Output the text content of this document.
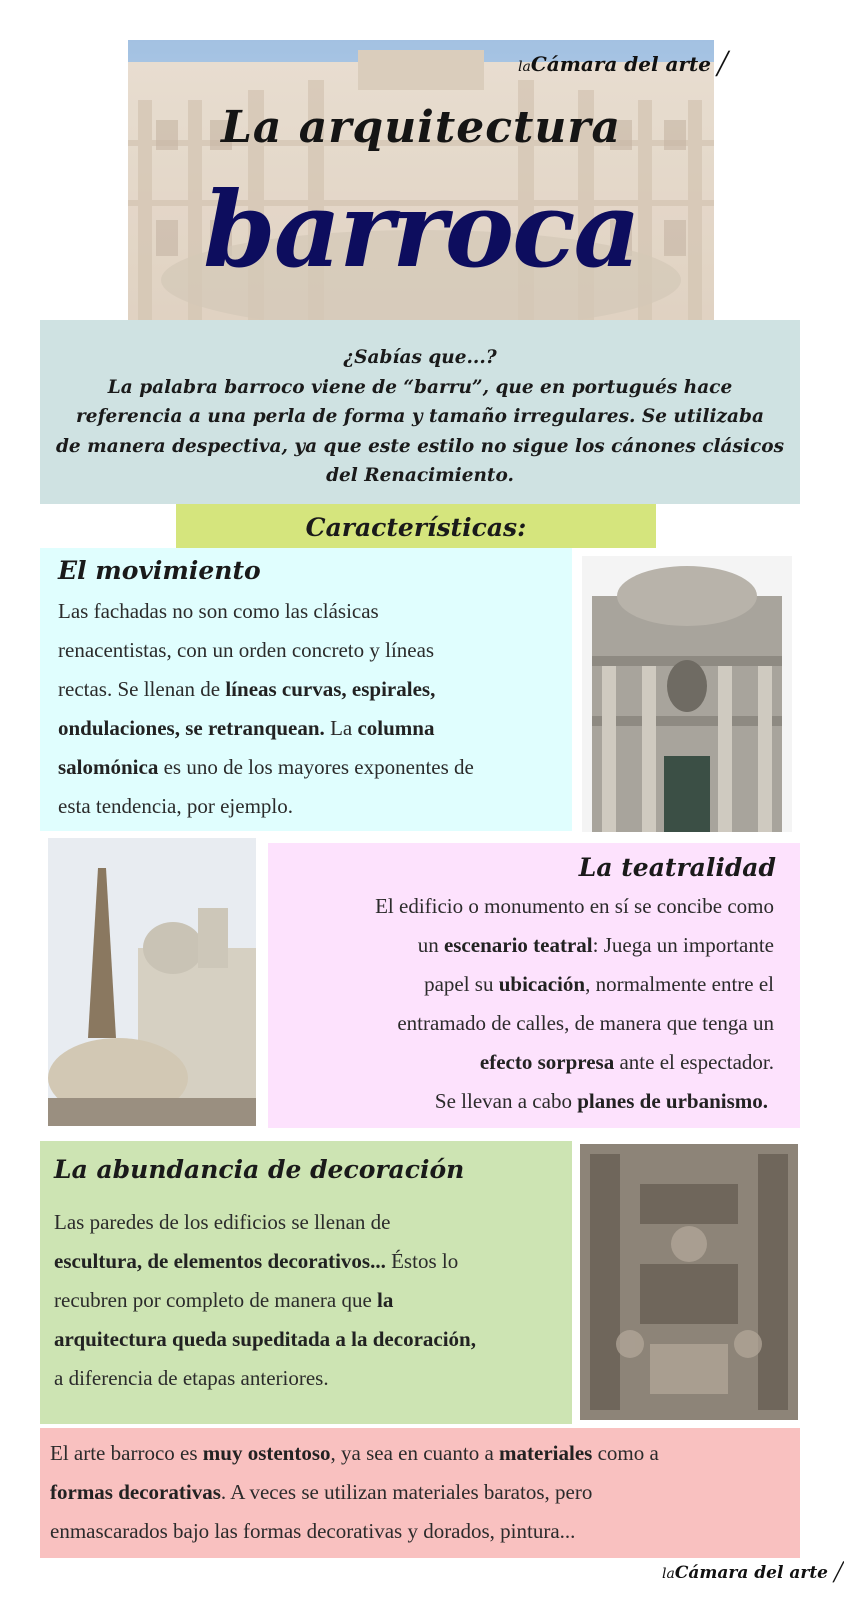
La arquitectura
barroca
laCámara del arte ╱
¿Sabías que...?
La palabra barroco viene de “barru”, que en portugués hace
referencia a una perla de forma y tamaño irregulares. Se utilizaba
de manera despectiva, ya que este estilo no sigue los cánones clásicos
del Renacimiento.
Características:
El movimiento
Las fachadas no son como las clásicas
renacentistas, con un orden concreto y líneas
rectas. Se llenan de líneas curvas, espirales,
ondulaciones, se retranquean. La columna
salomónica es uno de los mayores exponentes de
esta tendencia, por ejemplo.
La teatralidad
El edificio o monumento en sí se concibe como
un escenario teatral: Juega un importante
papel su ubicación, normalmente entre el
entramado de calles, de manera que tenga un
efecto sorpresa ante el espectador.
Se llevan a cabo planes de urbanismo.
La abundancia de decoración
Las paredes de los edificios se llenan de
escultura, de elementos decorativos... Éstos lo
recubren por completo de manera que la
arquitectura queda supeditada a la decoración,
a diferencia de etapas anteriores.
El arte barroco es muy ostentoso, ya sea en cuanto a materiales como a
formas decorativas. A veces se utilizan materiales baratos, pero
enmascarados bajo las formas decorativas y dorados, pintura...
laCámara del arte ╱
